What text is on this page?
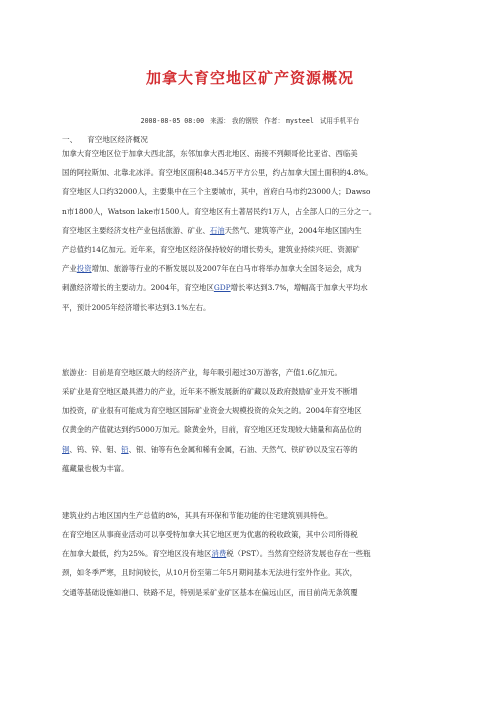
加拿大育空地区矿产资源概况
2008-08-05 08:00 来源： 我的钢铁 作者： mysteel 试用手机平台
一、 育空地区经济概况
加拿大育空地区位于加拿大西北部，东邻加拿大西北地区、南接不列颠哥伦比亚省、西临美
国的阿拉斯加、北靠北冰洋。育空地区面积48.345万平方公里，约占加拿大国土面积的4.8%。
育空地区人口约32000人，主要集中在三个主要城市，其中，首府白马市约23000人；Dawso
n市1800人，Watson lake市1500人。育空地区有土著居民约1万人，占全部人口的三分之一。
育空地区主要经济支柱产业包括旅游、矿业、石油天然气、建筑等产业，2004年地区国内生
产总值约14亿加元。近年来，育空地区经济保持较好的增长势头，建筑业持续兴旺、资源矿
产业投资增加、旅游等行业的不断发展以及2007年在白马市将举办加拿大全国冬运会，成为
刺激经济增长的主要动力。2004年，育空地区GDP增长率达到3.7%，增幅高于加拿大平均水
平，预计2005年经济增长率达到3.1%左右。
旅游业：目前是育空地区最大的经济产业，每年吸引超过30万游客，产值1.6亿加元。
采矿业是育空地区最具潜力的产业，近年来不断发展新的矿藏以及政府鼓励矿业开发不断增
加投资，矿业很有可能成为育空地区国际矿业资金大规模投资的众矢之的。2004年育空地区
仅黄金的产值就达到约5000万加元。除黄金外，目前，育空地区还发现较大储量和高品位的
铜、钨、锌、钼、铅、银、铀等有色金属和稀有金属，石油、天然气、铁矿砂以及宝石等的
蕴藏量也极为丰富。
建筑业约占地区国内生产总值的8%，其具有环保和节能功能的住宅建筑别具特色。
在育空地区从事商业活动可以享受特加拿大其它地区更为优惠的税收政策，其中公司所得税
在加拿大最低，约为25%。育空地区没有地区消费税（PST）。当然育空经济发展也存在一些瓶
颈，如冬季严寒，且时间较长，从10月份至第二年5月期间基本无法进行室外作业。其次，
交通等基础设施如港口、铁路不足，特别是采矿业矿区基本在偏远山区，而目前尚无条筑覆
